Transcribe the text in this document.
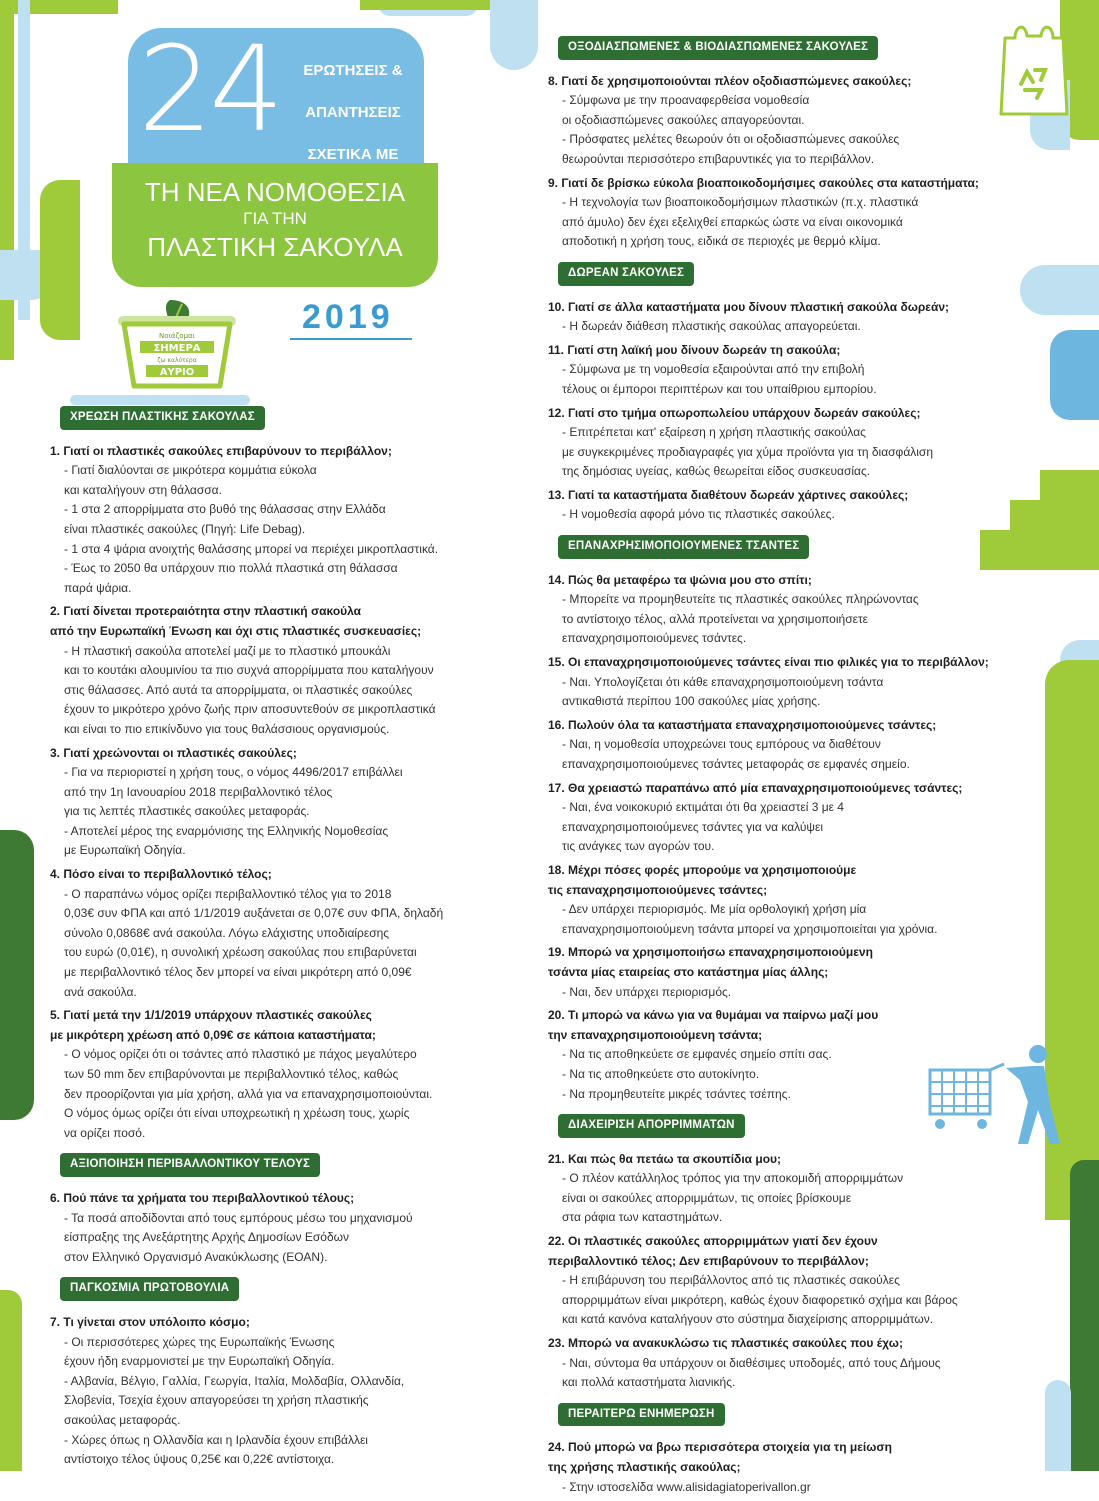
24	ΕΡΩΤΗΣΕΙΣ &
ΑΠΑΝΤΗΣΕΙΣ
ΣΧΕΤΙΚΑ ΜΕ
ΤΗ ΝΕΑ ΝΟΜΟΘΕΣΙΑ
ΓΙΑ ΤΗΝ
ΠΛΑΣΤΙΚΗ ΣΑΚΟΥΛΑ
2019
Νοιάζομαι
ΣΗΜΕΡΑ
ζω καλύτερα
ΑΥΡΙΟ
ΧΡΕΩΣΗ ΠΛΑΣΤΙΚΗΣ ΣΑΚΟΥΛΑΣ
1. Γιατί οι πλαστικές σακούλες επιβαρύνουν το περιβάλλον;
- Γιατί διαλύονται σε μικρότερα κομμάτια εύκολα
και καταλήγουν στη θάλασσα.
- 1 στα 2 απορρίμματα στο βυθό της θάλασσας στην Ελλάδα
είναι πλαστικές σακούλες (Πηγή: Life Debag).
- 1 στα 4 ψάρια ανοιχτής θαλάσσης μπορεί να περιέχει μικροπλαστικά.
- Έως το 2050 θα υπάρχουν πιο πολλά πλαστικά στη θάλασσα
παρά ψάρια.
2. Γιατί δίνεται προτεραιότητα στην πλαστική σακούλα
από την Ευρωπαϊκή Ένωση και όχι στις πλαστικές συσκευασίες;
- Η πλαστική σακούλα αποτελεί μαζί με το πλαστικό μπουκάλι
και το κουτάκι αλουμινίου τα πιο συχνά απορρίμματα που καταλήγουν
στις θάλασσες. Από αυτά τα απορρίμματα, οι πλαστικές σακούλες
έχουν το μικρότερο χρόνο ζωής πριν αποσυντεθούν σε μικροπλαστικά
και είναι το πιο επικίνδυνο για τους θαλάσσιους οργανισμούς.
3. Γιατί χρεώνονται οι πλαστικές σακούλες;
- Για να περιοριστεί η χρήση τους, ο νόμος 4496/2017 επιβάλλει
από την 1η Ιανουαρίου 2018 περιβαλλοντικό τέλος
για τις λεπτές πλαστικές σακούλες μεταφοράς.
- Αποτελεί μέρος της εναρμόνισης της Ελληνικής Νομοθεσίας
με Ευρωπαϊκή Οδηγία.
4. Πόσο είναι το περιβαλλοντικό τέλος;
- Ο παραπάνω νόμος ορίζει περιβαλλοντικό τέλος για το 2018
0,03€ συν ΦΠΑ και από 1/1/2019 αυξάνεται σε 0,07€ συν ΦΠΑ, δηλαδή
σύνολο 0,0868€ ανά σακούλα. Λόγω ελάχιστης υποδιαίρεσης
του ευρώ (0,01€), η συνολική χρέωση σακούλας που επιβαρύνεται
με περιβαλλοντικό τέλος δεν μπορεί να είναι μικρότερη από 0,09€
ανά σακούλα.
5. Γιατί μετά την 1/1/2019 υπάρχουν πλαστικές σακούλες
με μικρότερη χρέωση από 0,09€ σε κάποια καταστήματα;
- Ο νόμος ορίζει ότι οι τσάντες από πλαστικό με πάχος μεγαλύτερο
των 50 mm δεν επιβαρύνονται με περιβαλλοντικό τέλος, καθώς
δεν προορίζονται για μία χρήση, αλλά για να επαναχρησιμοποιούνται.
Ο νόμος όμως ορίζει ότι είναι υποχρεωτική η χρέωση τους, χωρίς
να ορίζει ποσό.
ΑΞΙΟΠΟΙΗΣΗ ΠΕΡΙΒΑΛΛΟΝΤΙΚΟΥ ΤΕΛΟΥΣ
6. Πού πάνε τα χρήματα του περιβαλλοντικού τέλους;
- Τα ποσά αποδίδονται από τους εμπόρους μέσω του μηχανισμού
είσπραξης της Ανεξάρτητης Αρχής Δημοσίων Εσόδων
στον Ελληνικό Οργανισμό Ανακύκλωσης (ΕΟΑΝ).
ΠΑΓΚΟΣΜΙΑ ΠΡΩΤΟΒΟΥΛΙΑ
7. Τι γίνεται στον υπόλοιπο κόσμο;
- Οι περισσότερες χώρες της Ευρωπαϊκής Ένωσης
έχουν ήδη εναρμονιστεί με την Ευρωπαϊκή Οδηγία.
- Αλβανία, Βέλγιο, Γαλλία, Γεωργία, Ιταλία, Μολδαβία, Ολλανδία,
Σλοβενία, Τσεχία έχουν απαγορεύσει τη χρήση πλαστικής
σακούλας μεταφοράς.
- Χώρες όπως η Ολλανδία και η Ιρλανδία έχουν επιβάλλει
αντίστοιχο τέλος ύψους 0,25€ και 0,22€ αντίστοιχα.
ΟΞΟΔΙΑΣΠΩΜΕΝΕΣ & ΒΙΟΔΙΑΣΠΩΜΕΝΕΣ ΣΑΚΟΥΛΕΣ
8. Γιατί δε χρησιμοποιούνται πλέον οξοδιασπώμενες σακούλες;
- Σύμφωνα με την προαναφερθείσα νομοθεσία
οι οξοδιασπώμενες σακούλες απαγορεύονται.
- Πρόσφατες μελέτες θεωρούν ότι οι οξοδιασπώμενες σακούλες
θεωρούνται περισσότερο επιβαρυντικές για το περιβάλλον.
9. Γιατί δε βρίσκω εύκολα βιοαποικοδομήσιμες σακούλες στα καταστήματα;
- Η τεχνολογία των βιοαποικοδομήσιμων πλαστικών (π.χ. πλαστικά
από άμυλο) δεν έχει εξελιχθεί επαρκώς ώστε να είναι οικονομικά
αποδοτική η χρήση τους, ειδικά σε περιοχές με θερμό κλίμα.
ΔΩΡΕΑΝ ΣΑΚΟΥΛΕΣ
10. Γιατί σε άλλα καταστήματα μου δίνουν πλαστική σακούλα δωρεάν;
- Η δωρεάν διάθεση πλαστικής σακούλας απαγορεύεται.
11. Γιατί στη λαϊκή μου δίνουν δωρεάν τη σακούλα;
- Σύμφωνα με τη νομοθεσία εξαιρούνται από την επιβολή
τέλους οι έμποροι περιπτέρων και του υπαίθριου εμπορίου.
12. Γιατί στο τμήμα οπωροπωλείου υπάρχουν δωρεάν σακούλες;
- Επιτρέπεται κατ' εξαίρεση η χρήση πλαστικής σακούλας
με συγκεκριμένες προδιαγραφές για χύμα προϊόντα για τη διασφάλιση
της δημόσιας υγείας, καθώς θεωρείται είδος συσκευασίας.
13. Γιατί τα καταστήματα διαθέτουν δωρεάν χάρτινες σακούλες;
- Η νομοθεσία αφορά μόνο τις πλαστικές σακούλες.
ΕΠΑΝΑΧΡΗΣΙΜΟΠΟΙΟΥΜΕΝΕΣ ΤΣΑΝΤΕΣ
14. Πώς θα μεταφέρω τα ψώνια μου στο σπίτι;
- Μπορείτε να προμηθευτείτε τις πλαστικές σακούλες πληρώνοντας
το αντίστοιχο τέλος, αλλά προτείνεται να χρησιμοποιήσετε
επαναχρησιμοποιούμενες τσάντες.
15. Οι επαναχρησιμοποιούμενες τσάντες είναι πιο φιλικές για το περιβάλλον;
- Ναι. Υπολογίζεται ότι κάθε επαναχρησιμοποιούμενη τσάντα
αντικαθιστά περίπου 100 σακούλες μίας χρήσης.
16. Πωλούν όλα τα καταστήματα επαναχρησιμοποιούμενες τσάντες;
- Ναι, η νομοθεσία υποχρεώνει τους εμπόρους να διαθέτουν
επαναχρησιμοποιούμενες τσάντες μεταφοράς σε εμφανές σημείο.
17. Θα χρειαστώ παραπάνω από μία επαναχρησιμοποιούμενες τσάντες;
- Ναι, ένα νοικοκυριό εκτιμάται ότι θα χρειαστεί 3 με 4
επαναχρησιμοποιούμενες τσάντες για να καλύψει
τις ανάγκες των αγορών του.
18. Μέχρι πόσες φορές μπορούμε να χρησιμοποιούμε
τις επαναχρησιμοποιούμενες τσάντες;
- Δεν υπάρχει περιορισμός. Με μία ορθολογική χρήση μία
επαναχρησιμοποιούμενη τσάντα μπορεί να χρησιμοποιείται για χρόνια.
19. Μπορώ να χρησιμοποιήσω επαναχρησιμοποιούμενη
τσάντα μίας εταιρείας στο κατάστημα μίας άλλης;
- Ναι, δεν υπάρχει περιορισμός.
20. Τι μπορώ να κάνω για να θυμάμαι να παίρνω μαζί μου
την επαναχρησιμοποιούμενη τσάντα;
- Να τις αποθηκεύετε σε εμφανές σημείο σπίτι σας.
- Να τις αποθηκεύετε στο αυτοκίνητο.
- Να προμηθευτείτε μικρές τσάντες τσέπης.
ΔΙΑΧΕΙΡΙΣΗ ΑΠΟΡΡΙΜΜΑΤΩΝ
21. Και πώς θα πετάω τα σκουπίδια μου;
- Ο πλέον κατάλληλος τρόπος για την αποκομιδή απορριμμάτων
είναι οι σακούλες απορριμμάτων, τις οποίες βρίσκουμε
στα ράφια των καταστημάτων.
22. Οι πλαστικές σακούλες απορριμμάτων γιατί δεν έχουν
περιβαλλοντικό τέλος; Δεν επιβαρύνουν το περιβάλλον;
- Η επιβάρυνση του περιβάλλοντος από τις πλαστικές σακούλες
απορριμμάτων είναι μικρότερη, καθώς έχουν διαφορετικό σχήμα και βάρος
και κατά κανόνα καταλήγουν στο σύστημα διαχείρισης απορριμμάτων.
23. Μπορώ να ανακυκλώσω τις πλαστικές σακούλες που έχω;
- Ναι, σύντομα θα υπάρχουν οι διαθέσιμες υποδομές, από τους Δήμους
και πολλά καταστήματα λιανικής.
ΠΕΡΑΙΤΕΡΩ ΕΝΗΜΕΡΩΣΗ
24. Πού μπορώ να βρω περισσότερα στοιχεία για τη μείωση
της χρήσης πλαστικής σακούλας;
- Στην ιστοσελίδα www.alisidagiatoperivallon.gr
